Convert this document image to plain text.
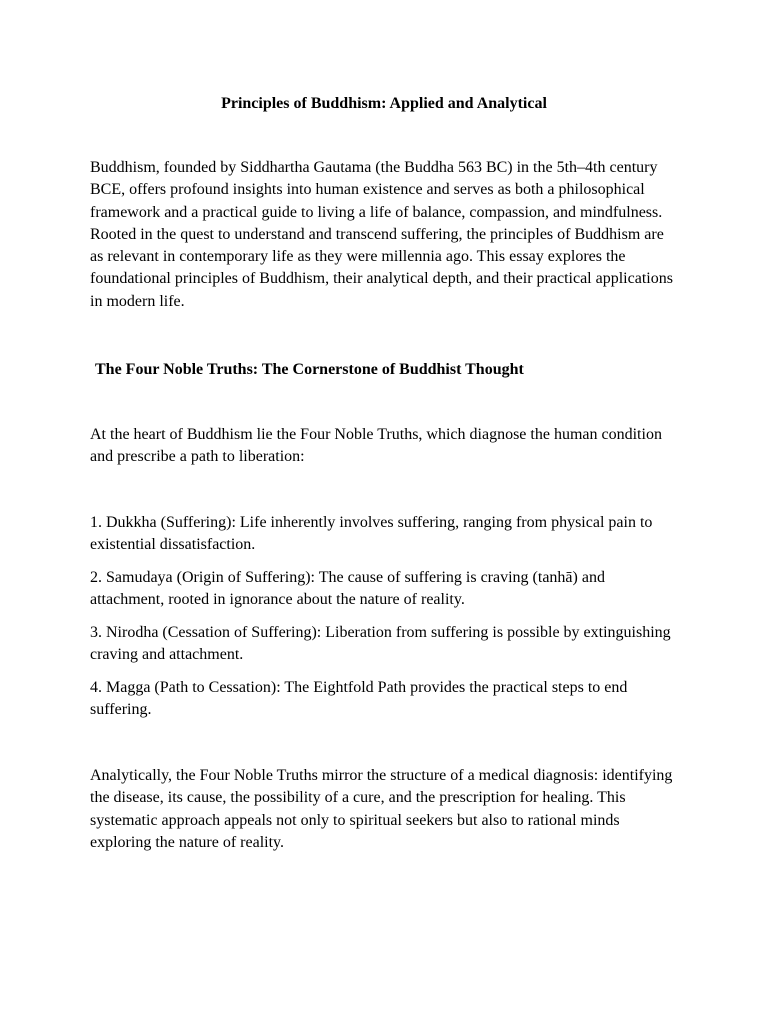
Principles of Buddhism: Applied and Analytical

Buddhism, founded by Siddhartha Gautama (the Buddha 563 BC) in the 5th–4th century BCE, offers profound insights into human existence and serves as both a philosophical framework and a practical guide to living a life of balance, compassion, and mindfulness. Rooted in the quest to understand and transcend suffering, the principles of Buddhism are as relevant in contemporary life as they were millennia ago. This essay explores the foundational principles of Buddhism, their analytical depth, and their practical applications in modern life.

The Four Noble Truths: The Cornerstone of Buddhist Thought

At the heart of Buddhism lie the Four Noble Truths, which diagnose the human condition and prescribe a path to liberation:

1. Dukkha (Suffering): Life inherently involves suffering, ranging from physical pain to existential dissatisfaction.

2. Samudaya (Origin of Suffering): The cause of suffering is craving (tanhā) and attachment, rooted in ignorance about the nature of reality.

3. Nirodha (Cessation of Suffering): Liberation from suffering is possible by extinguishing craving and attachment.

4. Magga (Path to Cessation): The Eightfold Path provides the practical steps to end suffering.

Analytically, the Four Noble Truths mirror the structure of a medical diagnosis: identifying the disease, its cause, the possibility of a cure, and the prescription for healing. This systematic approach appeals not only to spiritual seekers but also to rational minds exploring the nature of reality.
